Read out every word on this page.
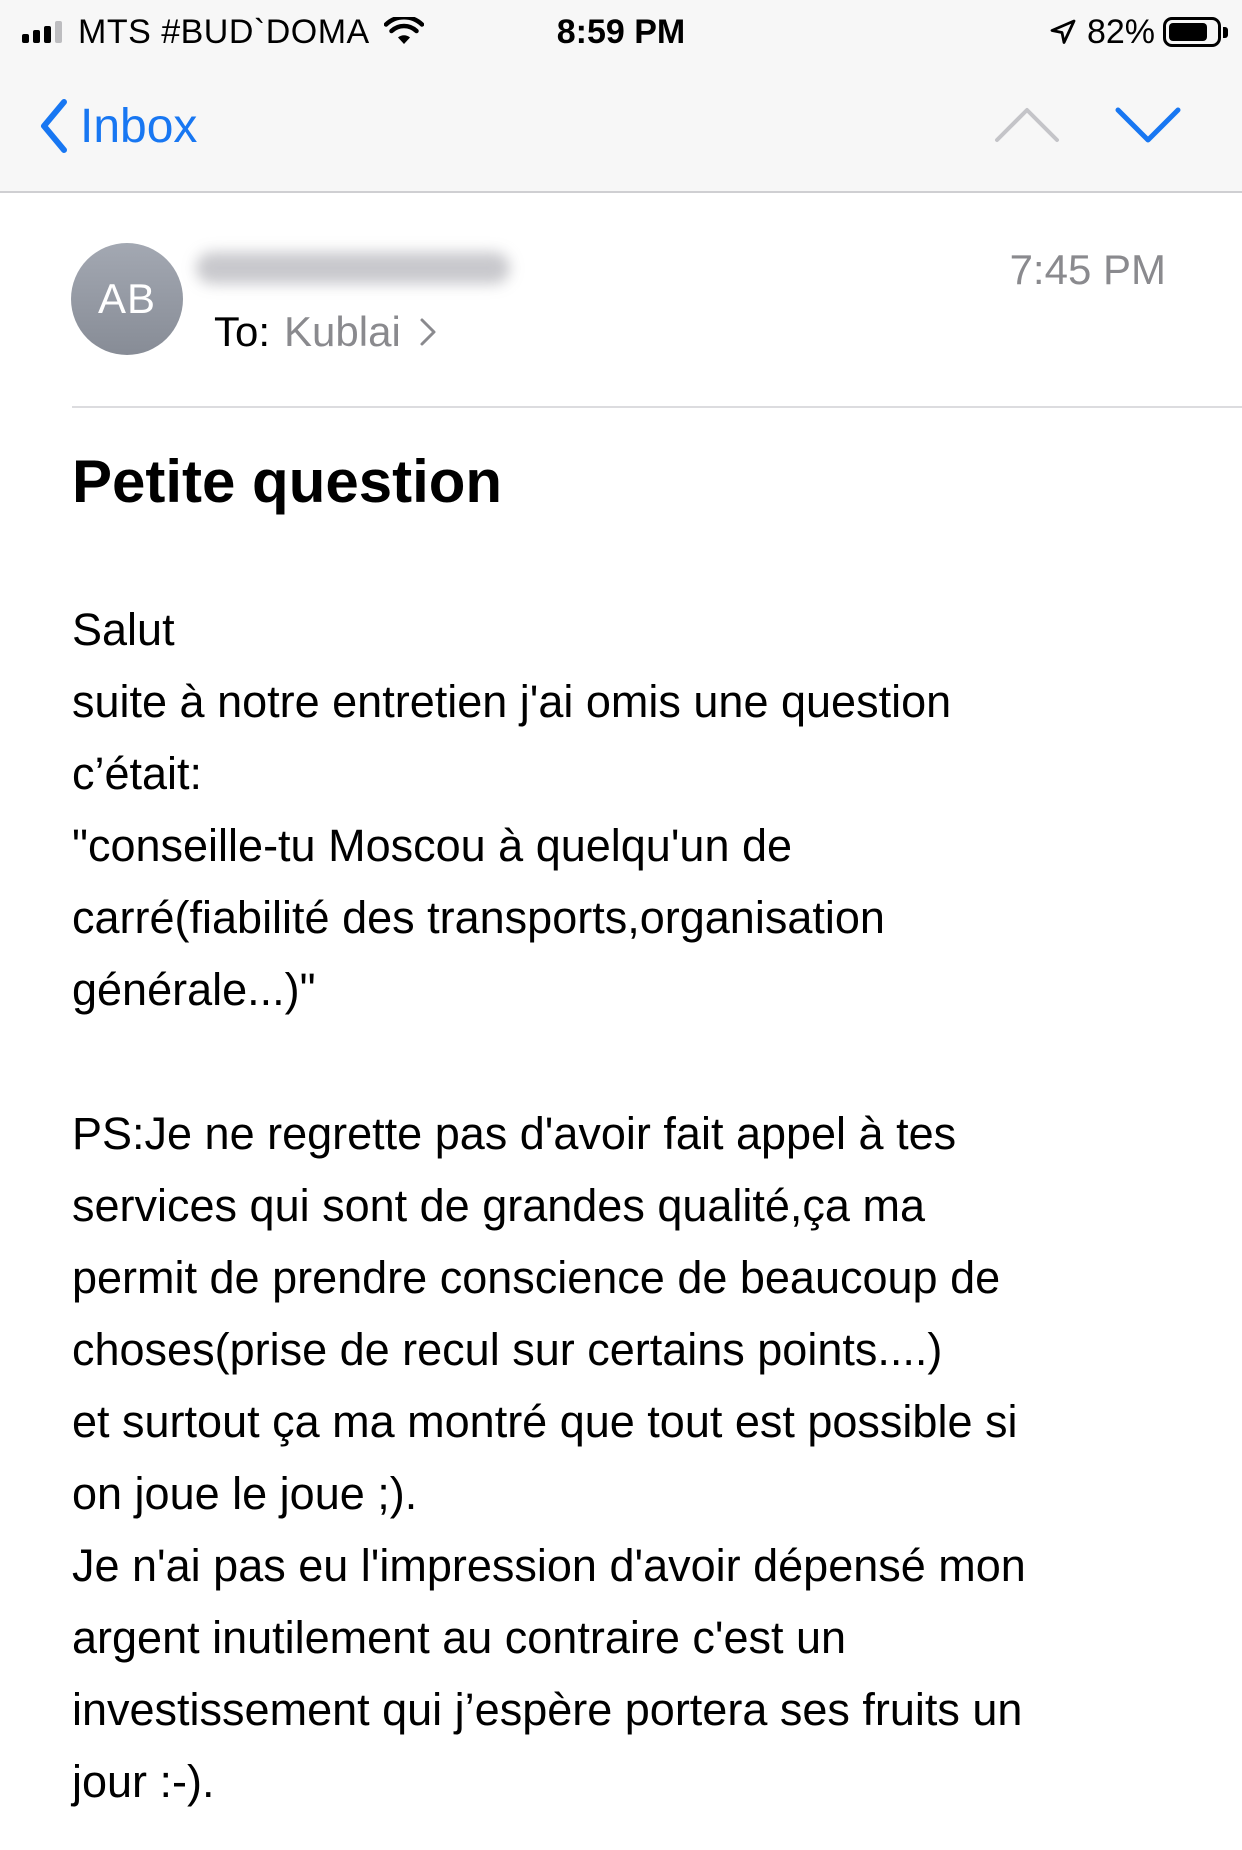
MTS #BUD`DOMA	8:59 PM	82%
Inbox
AB
7:45 PM
To: Kublai
Petite question
Salut
suite à notre entretien j'ai omis une question
c’était:
"conseille-tu Moscou à quelqu'un de
carré(fiabilité des transports,organisation
générale...)"
PS:Je ne regrette pas d'avoir fait appel à tes
services qui sont de grandes qualité,ça ma
permit de prendre conscience de beaucoup de
choses(prise de recul sur certains points....)
et surtout ça ma montré que tout est possible si
on joue le joue ;).
Je n'ai pas eu l'impression d'avoir dépensé mon
argent inutilement au contraire c'est un
investissement qui j’espère portera ses fruits un
jour :-).
